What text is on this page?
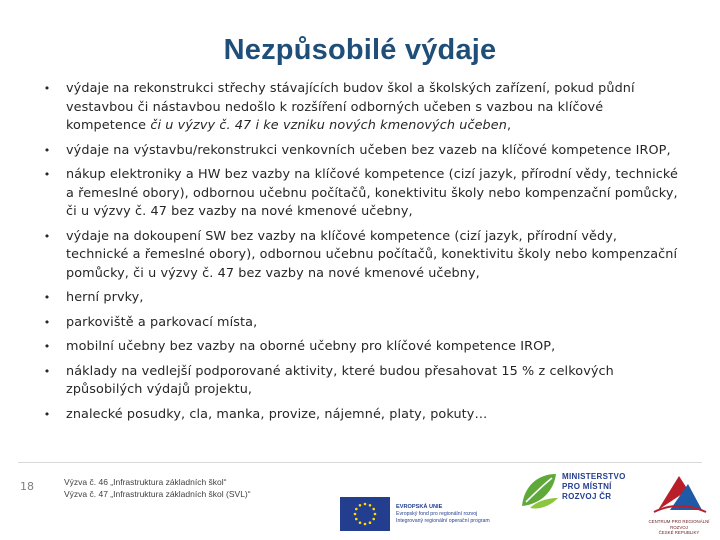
Nezpůsobilé výdaje
• výdaje na rekonstrukci střechy stávajících budov škol a školských zařízení, pokud půdní vestavbou či nástavbou nedošlo k rozšíření odborných učeben s vazbou na klíčové kompetence či u výzvy č. 47 i ke vzniku nových kmenových učeben,
• výdaje na výstavbu/rekonstrukci venkovních učeben bez vazeb na klíčové kompetence IROP,
• nákup elektroniky a HW bez vazby na klíčové kompetence (cizí jazyk, přírodní vědy, technické a řemeslné obory), odbornou učebnu počítačů, konektivitu školy nebo kompenzační pomůcky, či u výzvy č. 47 bez vazby na nové kmenové učebny,
• výdaje na dokoupení SW bez vazby na klíčové kompetence (cizí jazyk, přírodní vědy, technické a řemeslné obory), odbornou učebnu počítačů, konektivitu školy nebo kompenzační pomůcky, či u výzvy č. 47 bez vazby na nové kmenové učebny,
• herní prvky,
• parkoviště a parkovací místa,
• mobilní učebny bez vazby na oborné učebny pro klíčové kompetence IROP,
• náklady na vedlejší podporované aktivity, které budou přesahovat 15 % z celkových způsobilých výdajů projektu,
• znalecké posudky, cla, manka, provize, nájemné, platy, pokuty…
18	Výzva č. 46 „Infrastruktura základních škol“
Výzva č. 47 „Infrastruktura základních škol (SVL)“
EVROPSKÁ UNIE
Evropský fond pro regionální rozvoj
Integrovaný regionální operační program
MINISTERSTVO
PRO MÍSTNÍ
ROZVOJ ČR
CENTRUM PRO REGIONÁLNÍ ROZVOJ
ČESKÉ REPUBLIKY
